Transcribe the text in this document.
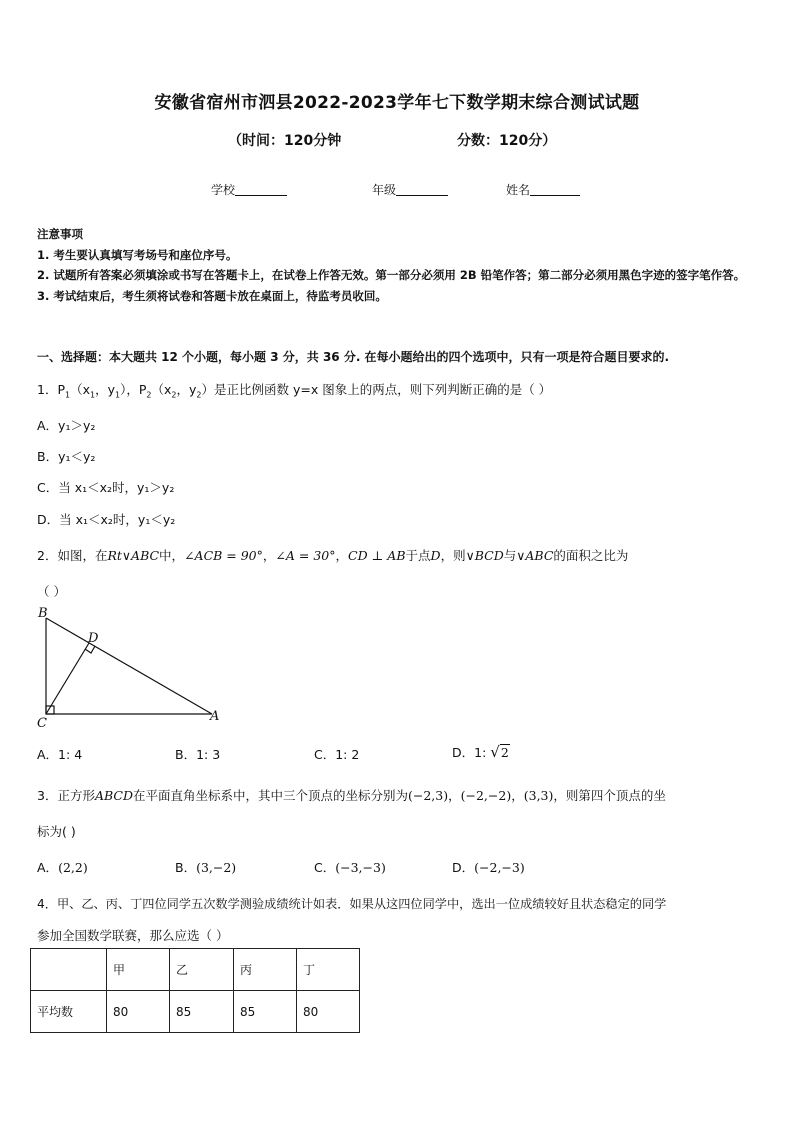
安徽省宿州市泗县2022-2023学年七下数学期末综合测试试题
（时间：120分钟	分数：120分）
学校	年级	姓名
注意事项
1. 考生要认真填写考场号和座位序号。
2. 试题所有答案必须填涂或书写在答题卡上，在试卷上作答无效。第一部分必须用 2B 铅笔作答；第二部分必须用黑色字迹的签字笔作答。
3. 考试结束后，考生须将试卷和答题卡放在桌面上，待监考员收回。
一、选择题：本大题共 12 个小题，每小题 3 分，共 36 分. 在每小题给出的四个选项中，只有一项是符合题目要求的.
1．$P_1(x_1$，$y_1$），$P_2(x_2$，$y_2$）是正比例函数 y=x 图象上的两点，则下列判断正确的是（ ）
A．y₁＞y₂
B．y₁＜y₂
C．当 x₁＜x₂时，y₁＞y₂
D．当 x₁＜x₂时，y₁＜y₂
2．如图，在Rt∨ABC中，∠ACB = 90°，∠A = 30°，CD ⊥ AB于点D，则∨BCD与∨ABC的面积之比为
（ ）
B
D
C	A
A．1: 4	B．1: 3	C．1: 2	D．1: √2
3．正方形ABCD在平面直角坐标系中，其中三个顶点的坐标分别为(−2,3)，(−2,−2)，(3,3)，则第四个顶点的坐
标为( )
A．(2,2)	B．(3,−2)	C．(−3,−3)	D．(−2,−3)
4．甲、乙、丙、丁四位同学五次数学测验成绩统计如表．如果从这四位同学中，选出一位成绩较好且状态稳定的同学
参加全国数学联赛，那么应选（ ）
	甲	乙	丙	丁
平均数	80	85	85	80
